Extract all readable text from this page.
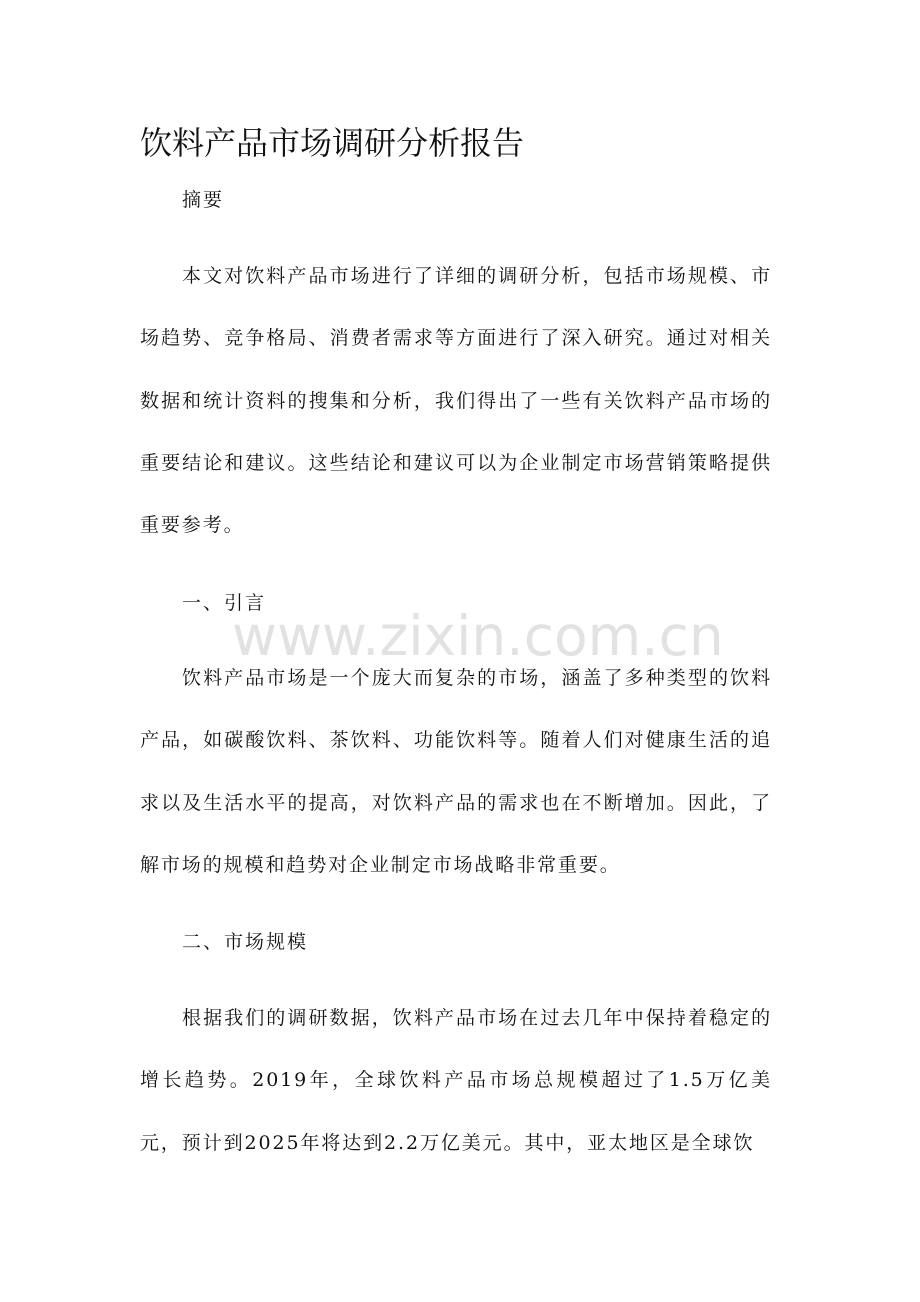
饮料产品市场调研分析报告

摘要

本文对饮料产品市场进行了详细的调研分析，包括市场规模、市场趋势、竞争格局、消费者需求等方面进行了深入研究。通过对相关数据和统计资料的搜集和分析，我们得出了一些有关饮料产品市场的重要结论和建议。这些结论和建议可以为企业制定市场营销策略提供重要参考。

一、引言

www.zixin.com.cn

饮料产品市场是一个庞大而复杂的市场，涵盖了多种类型的饮料产品，如碳酸饮料、茶饮料、功能饮料等。随着人们对健康生活的追求以及生活水平的提高，对饮料产品的需求也在不断增加。因此，了解市场的规模和趋势对企业制定市场战略非常重要。

二、市场规模

根据我们的调研数据，饮料产品市场在过去几年中保持着稳定的增长趋势。2019年，全球饮料产品市场总规模超过了1.5万亿美元，预计到2025年将达到2.2万亿美元。其中，亚太地区是全球饮
